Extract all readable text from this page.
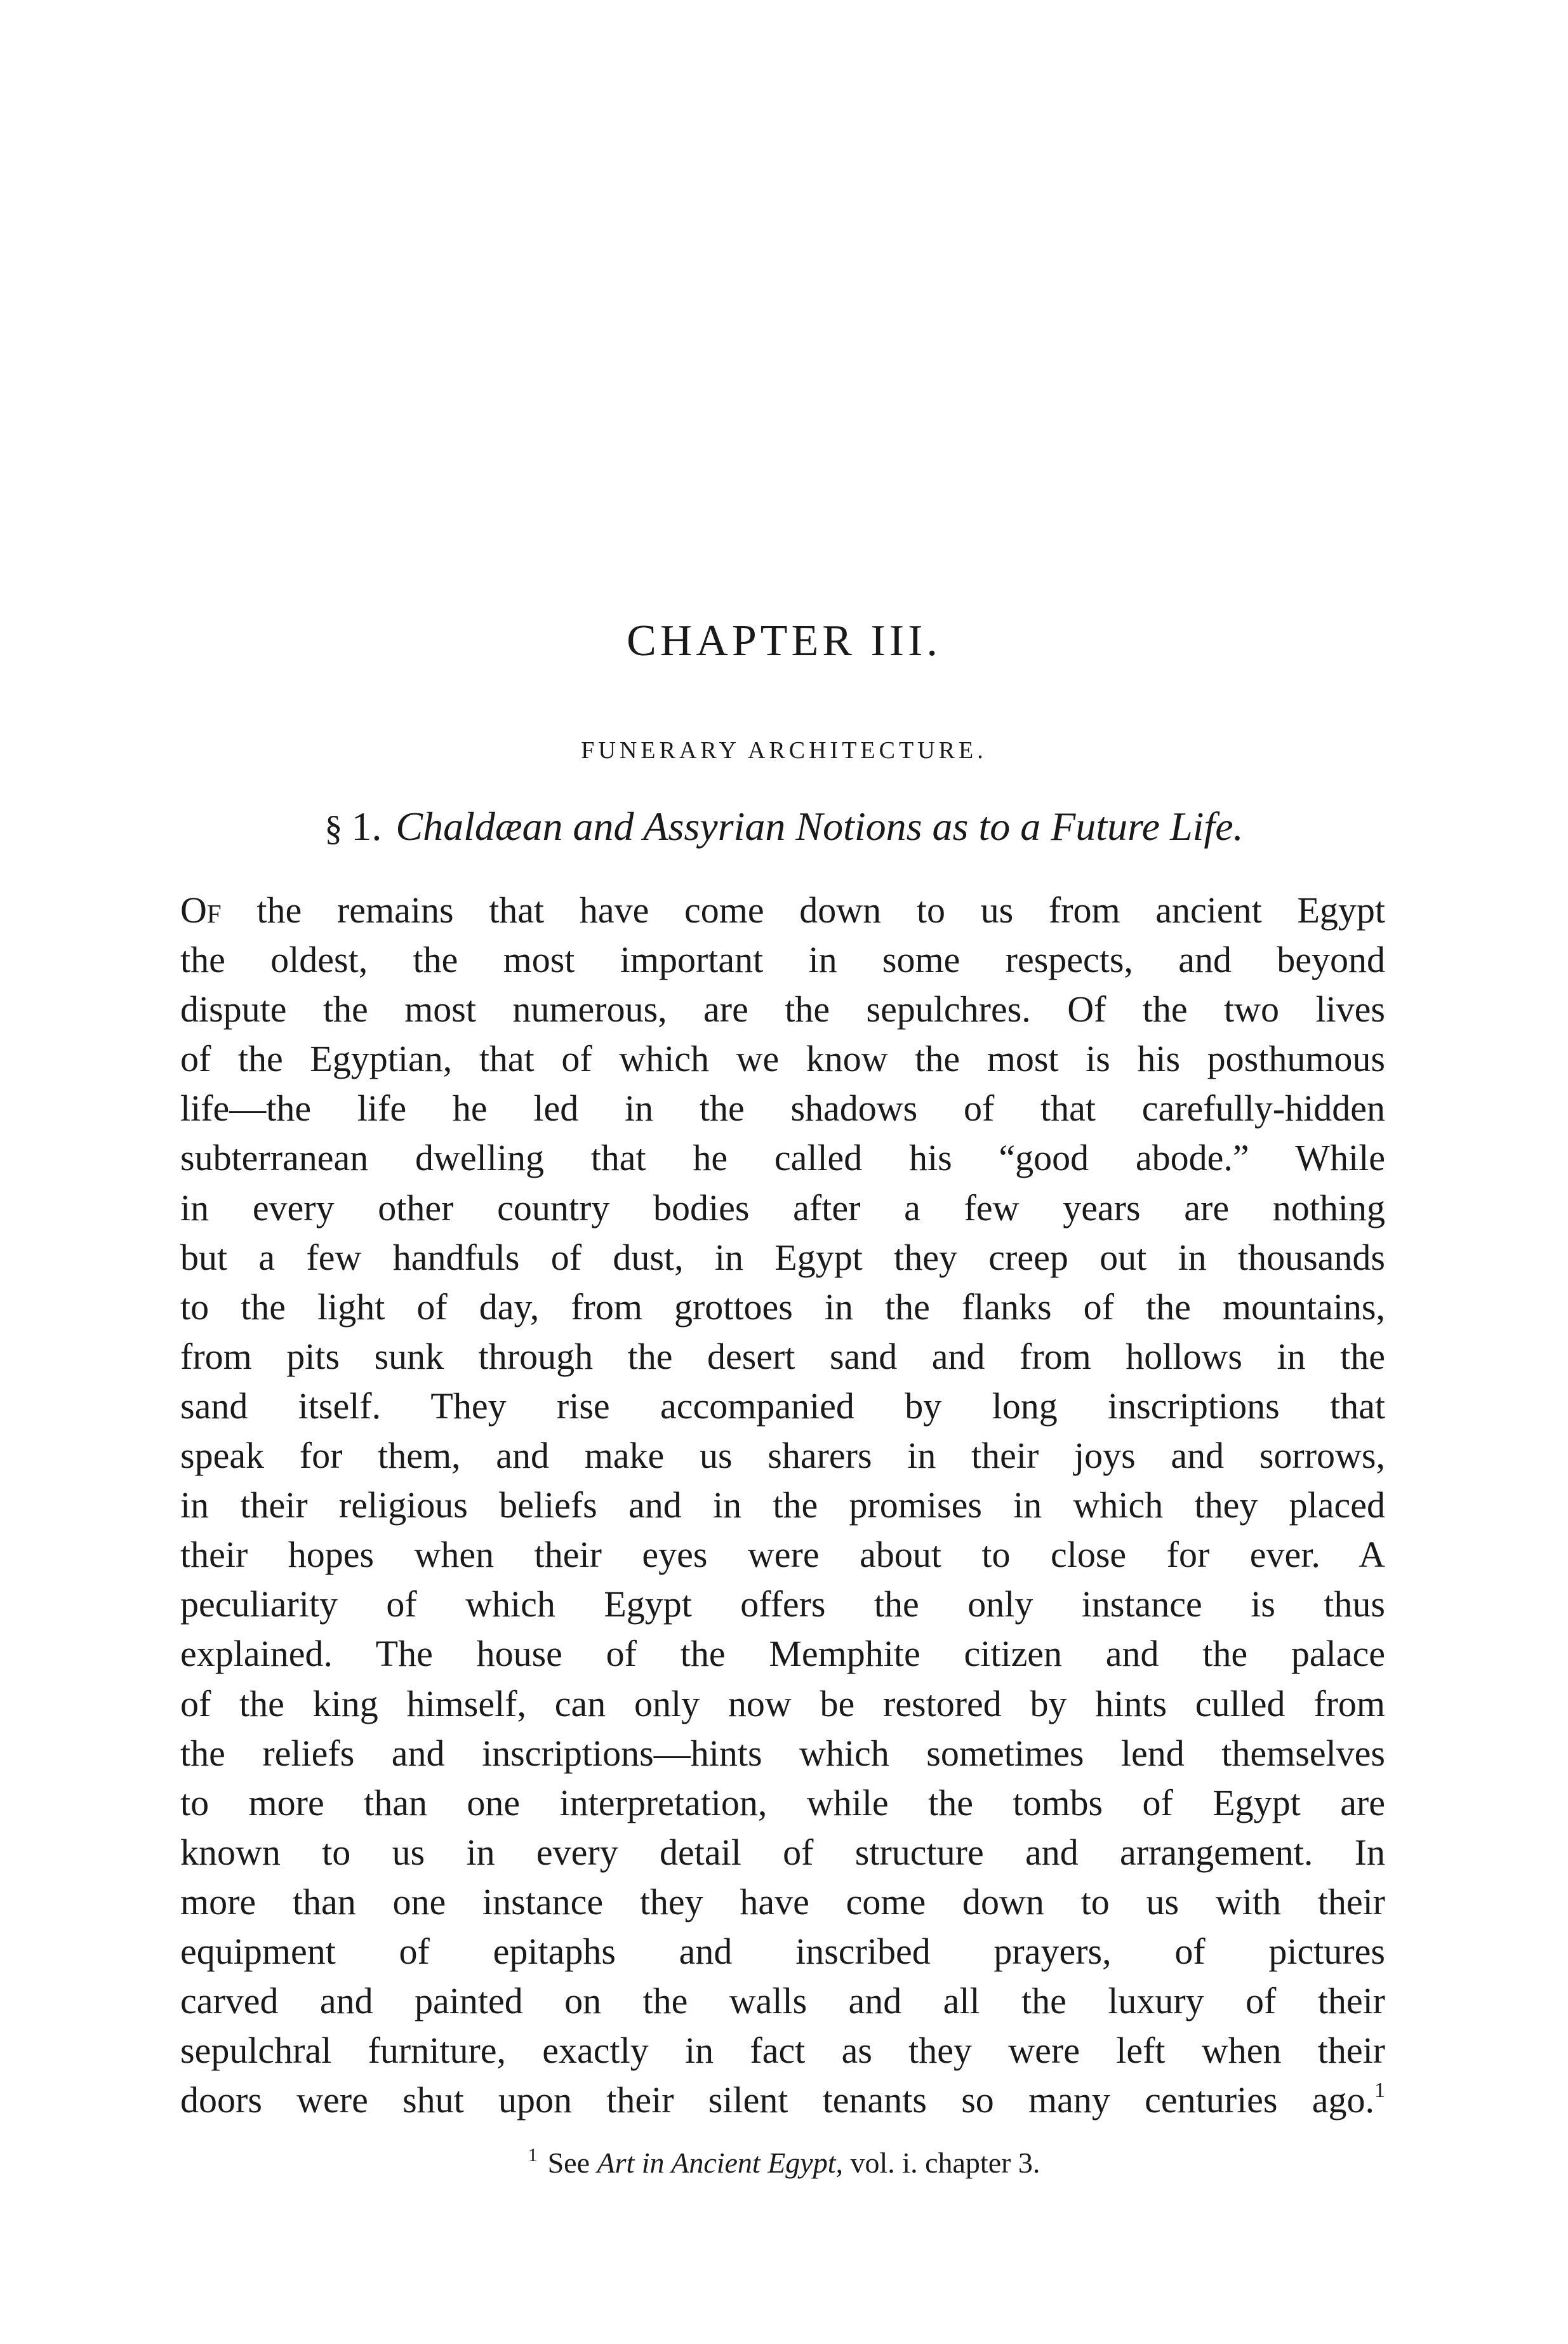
CHAPTER III.
FUNERARY ARCHITECTURE.
§ 1. Chaldæan and Assyrian Notions as to a Future Life.
Of the remains that have come down to us from ancient Egypt
the oldest, the most important in some respects, and beyond
dispute the most numerous, are the sepulchres. Of the two lives
of the Egyptian, that of which we know the most is his posthumous
life—the life he led in the shadows of that carefully-hidden
subterranean dwelling that he called his “good abode.” While
in every other country bodies after a few years are nothing
but a few handfuls of dust, in Egypt they creep out in thousands
to the light of day, from grottoes in the flanks of the mountains,
from pits sunk through the desert sand and from hollows in the
sand itself. They rise accompanied by long inscriptions that
speak for them, and make us sharers in their joys and sorrows,
in their religious beliefs and in the promises in which they placed
their hopes when their eyes were about to close for ever. A
peculiarity of which Egypt offers the only instance is thus
explained. The house of the Memphite citizen and the palace
of the king himself, can only now be restored by hints culled from
the reliefs and inscriptions—hints which sometimes lend themselves
to more than one interpretation, while the tombs of Egypt are
known to us in every detail of structure and arrangement. In
more than one instance they have come down to us with their
equipment of epitaphs and inscribed prayers, of pictures
carved and painted on the walls and all the luxury of their
sepulchral furniture, exactly in fact as they were left when their
doors were shut upon their silent tenants so many centuries ago.$^1$
$^1$ See Art in Ancient Egypt, vol. i. chapter 3.
